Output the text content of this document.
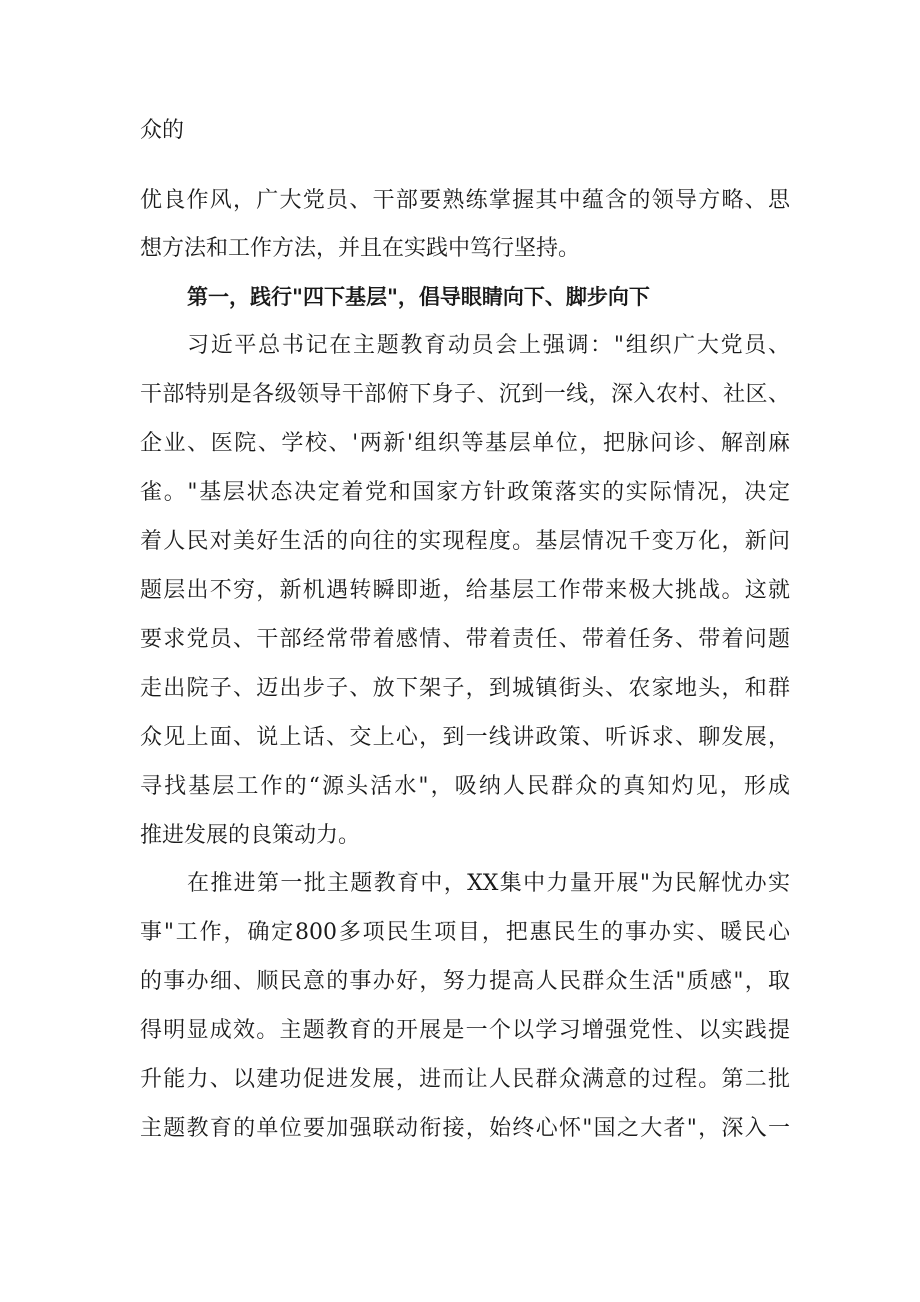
众的
优良作风，广大党员、干部要熟练掌握其中蕴含的领导方略、思
想方法和工作方法，并且在实践中笃行坚持。
第一，践行"四下基层"，倡导眼睛向下、脚步向下
习近平总书记在主题教育动员会上强调："组织广大党员、
干部特别是各级领导干部俯下身子、沉到一线，深入农村、社区、
企业、医院、学校、'两新'组织等基层单位，把脉问诊、解剖麻
雀。"基层状态决定着党和国家方针政策落实的实际情况，决定
着人民对美好生活的向往的实现程度。基层情况千变万化，新问
题层出不穷，新机遇转瞬即逝，给基层工作带来极大挑战。这就
要求党员、干部经常带着感情、带着责任、带着任务、带着问题
走出院子、迈出步子、放下架子，到城镇街头、农家地头，和群
众见上面、说上话、交上心，到一线讲政策、听诉求、聊发展，
寻找基层工作的“源头活水"，吸纳人民群众的真知灼见，形成
推进发展的良策动力。
在推进第一批主题教育中，XX集中力量开展"为民解忧办实
事"工作，确定800多项民生项目，把惠民生的事办实、暖民心
的事办细、顺民意的事办好，努力提高人民群众生活"质感"，取
得明显成效。主题教育的开展是一个以学习增强党性、以实践提
升能力、以建功促进发展，进而让人民群众满意的过程。第二批
主题教育的单位要加强联动衔接，始终心怀"国之大者"，深入一
